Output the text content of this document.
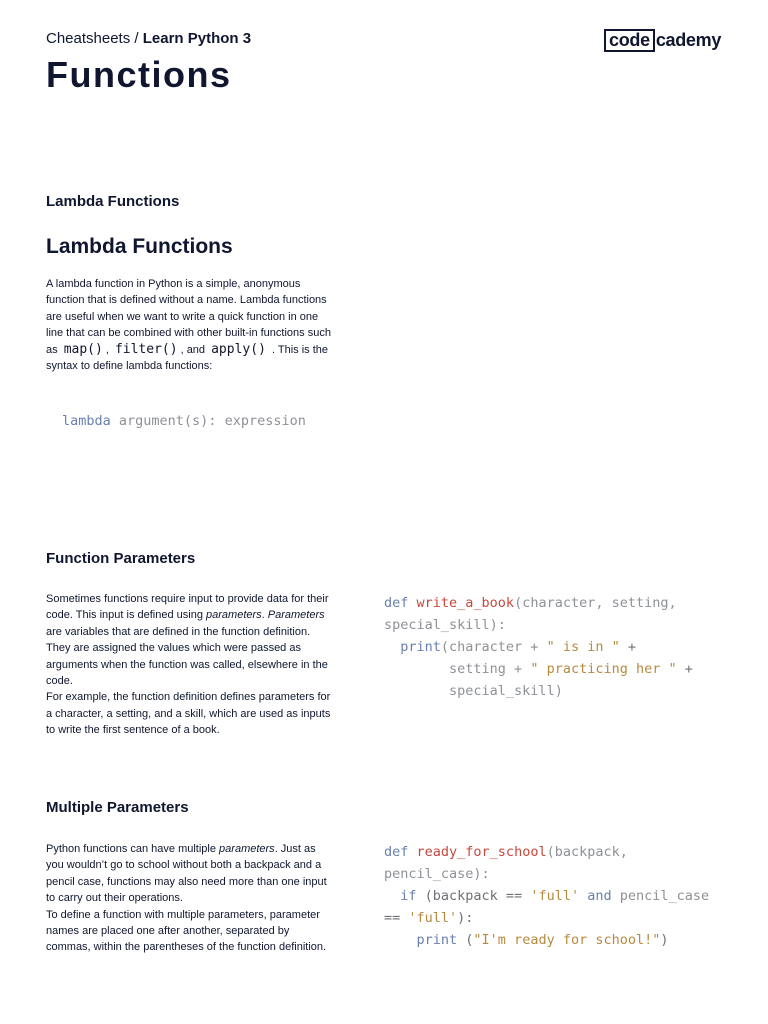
Cheatsheets / Learn Python 3	code cademy
Functions
Lambda Functions
Lambda Functions

A lambda function in Python is a simple, anonymous function that is defined without a name. Lambda functions are useful when we want to write a quick function in one line that can be combined with other built-in functions such as map() , filter() , and apply() . This is the syntax to define lambda functions:

lambda argument(s): expression
Function Parameters

Sometimes functions require input to provide data for their code. This input is defined using parameters. Parameters are variables that are defined in the function definition. They are assigned the values which were passed as arguments when the function was called, elsewhere in the code.

For example, the function definition defines parameters for a character, a setting, and a skill, which are used as inputs to write the first sentence of a book.

def write_a_book(character, setting,
special_skill):
print(character + " is in " +
setting + " practicing her " +
special_skill)
Multiple Parameters

Python functions can have multiple parameters. Just as you wouldn’t go to school without both a backpack and a pencil case, functions may also need more than one input to carry out their operations.

To define a function with multiple parameters, parameter names are placed one after another, separated by commas, within the parentheses of the function definition.

def ready_for_school(backpack,
pencil_case):
if (backpack == 'full' and pencil_case
== 'full'):
print ("I'm ready for school!")
